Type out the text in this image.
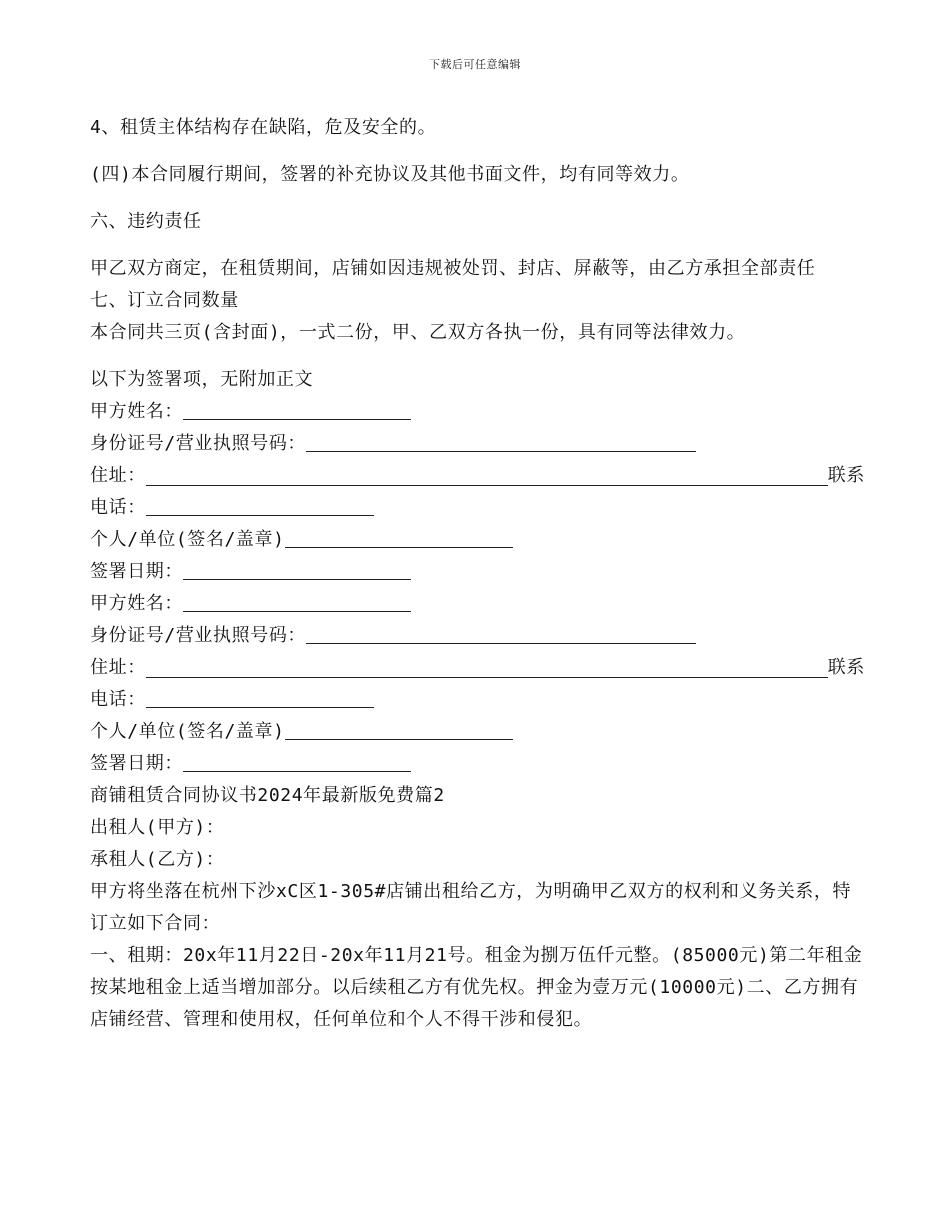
下载后可任意编辑
4、租赁主体结构存在缺陷，危及安全的。
(四)本合同履行期间，签署的补充协议及其他书面文件，均有同等效力。
六、违约责任
甲乙双方商定，在租赁期间，店铺如因违规被处罚、封店、屏蔽等，由乙方承担全部责任
七、订立合同数量
本合同共三页(含封面)，一式二份，甲、乙双方各执一份，具有同等法律效力。
以下为签署项，无附加正文
甲方姓名：
身份证号/营业执照号码：
住址：	联系
电话：
个人/单位(签名/盖章)
签署日期：
甲方姓名：
身份证号/营业执照号码：
住址：	联系
电话：
个人/单位(签名/盖章)
签署日期：
商铺租赁合同协议书2024年最新版免费篇2
出租人(甲方)：
承租人(乙方)：
甲方将坐落在杭州下沙xC区1-305#店铺出租给乙方，为明确甲乙双方的权利和义务关系，特订立如下合同：
一、租期：20x年11月22日-20x年11月21号。租金为捌万伍仟元整。(85000元)第二年租金按某地租金上适当增加部分。以后续租乙方有优先权。押金为壹万元(10000元)二、乙方拥有店铺经营、管理和使用权，任何单位和个人不得干涉和侵犯。
